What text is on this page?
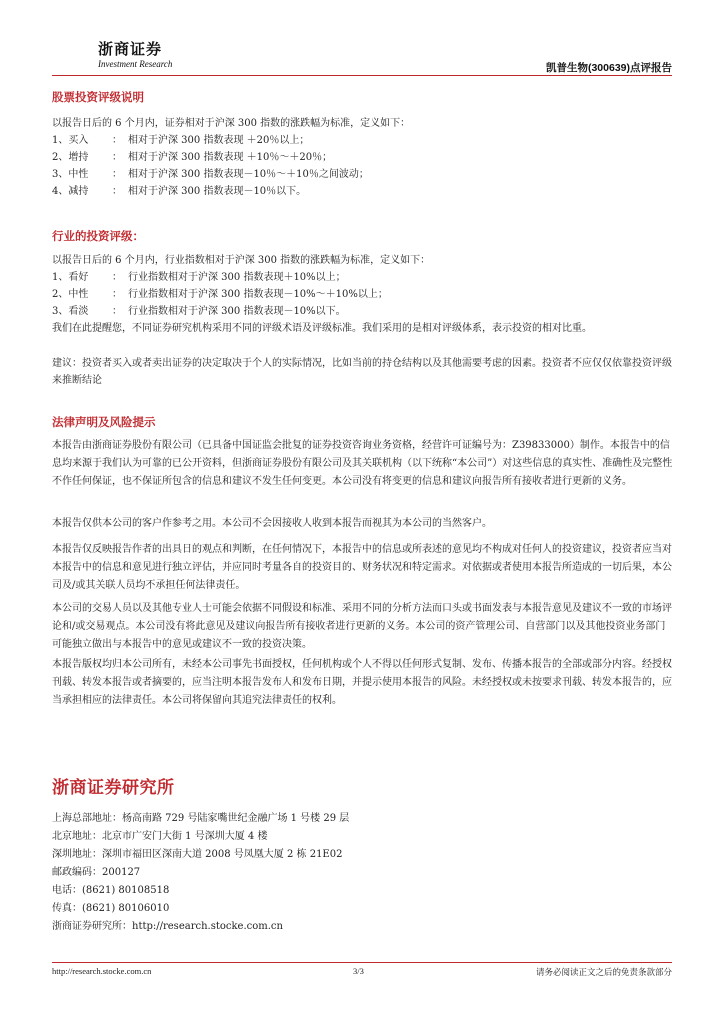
浙商证券
Investment Research	凯普生物(300639)点评报告
股票投资评级说明
以报告日后的 6 个月内，证券相对于沪深 300 指数的涨跌幅为标准，定义如下：
1、买入	： 相对于沪深 300 指数表现 ＋20％以上；
2、增持	： 相对于沪深 300 指数表现 ＋10％～＋20％；
3、中性	： 相对于沪深 300 指数表现－10％～＋10％之间波动；
4、减持	： 相对于沪深 300 指数表现－10％以下。
行业的投资评级：
以报告日后的 6 个月内，行业指数相对于沪深 300 指数的涨跌幅为标准，定义如下：
1、看好	： 行业指数相对于沪深 300 指数表现＋10%以上；
2、中性	： 行业指数相对于沪深 300 指数表现－10%～＋10%以上；
3、看淡	： 行业指数相对于沪深 300 指数表现－10%以下。
我们在此提醒您，不同证券研究机构采用不同的评级术语及评级标准。我们采用的是相对评级体系，表示投资的相对比重。
建议：投资者买入或者卖出证券的决定取决于个人的实际情况，比如当前的持仓结构以及其他需要考虑的因素。投资者不应仅仅依靠投资评级来推断结论
法律声明及风险提示
本报告由浙商证券股份有限公司（已具备中国证监会批复的证券投资咨询业务资格，经营许可证编号为：Z39833000）制作。本报告中的信息均来源于我们认为可靠的已公开资料，但浙商证券股份有限公司及其关联机构（以下统称“本公司”）对这些信息的真实性、准确性及完整性不作任何保证，也不保证所包含的信息和建议不发生任何变更。本公司没有将变更的信息和建议向报告所有接收者进行更新的义务。
本报告仅供本公司的客户作参考之用。本公司不会因接收人收到本报告而视其为本公司的当然客户。
本报告仅反映报告作者的出具日的观点和判断，在任何情况下，本报告中的信息或所表述的意见均不构成对任何人的投资建议，投资者应当对本报告中的信息和意见进行独立评估，并应同时考量各自的投资目的、财务状况和特定需求。对依据或者使用本报告所造成的一切后果，本公司及/或其关联人员均不承担任何法律责任。
本公司的交易人员以及其他专业人士可能会依据不同假设和标准、采用不同的分析方法而口头或书面发表与本报告意见及建议不一致的市场评论和/或交易观点。本公司没有将此意见及建议向报告所有接收者进行更新的义务。本公司的资产管理公司、自营部门以及其他投资业务部门可能独立做出与本报告中的意见或建议不一致的投资决策。
本报告版权均归本公司所有，未经本公司事先书面授权，任何机构或个人不得以任何形式复制、发布、传播本报告的全部或部分内容。经授权刊载、转发本报告或者摘要的，应当注明本报告发布人和发布日期，并提示使用本报告的风险。未经授权或未按要求刊载、转发本报告的，应当承担相应的法律责任。本公司将保留向其追究法律责任的权利。
浙商证券研究所
上海总部地址：杨高南路 729 号陆家嘴世纪金融广场 1 号楼 29 层
北京地址：北京市广安门大街 1 号深圳大厦 4 楼
深圳地址：深圳市福田区深南大道 2008 号凤凰大厦 2 栋 21E02
邮政编码：200127
电话：(8621) 80108518
传真：(8621) 80106010
浙商证券研究所：http://research.stocke.com.cn
http://research.stocke.com.cn	3/3	请务必阅读正文之后的免责条款部分
